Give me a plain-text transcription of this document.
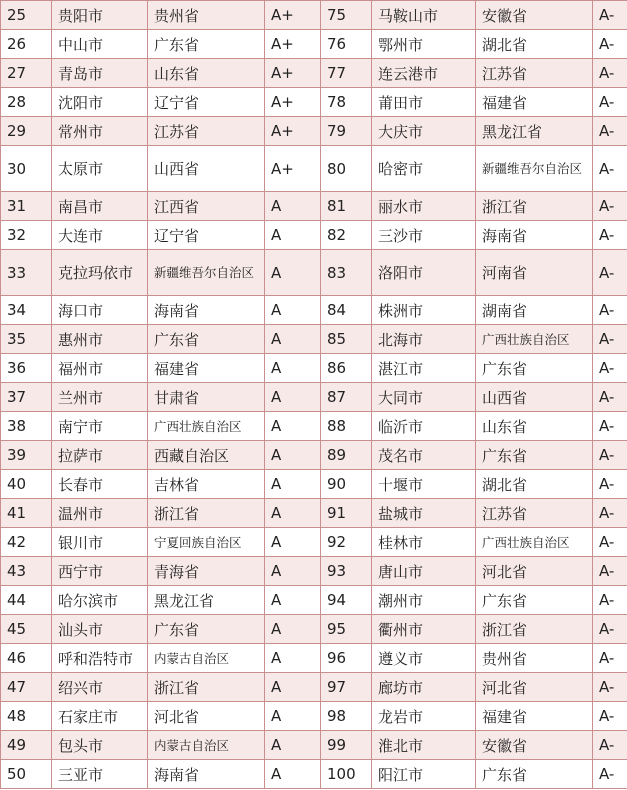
25	贵阳市	贵州省	A+	75	马鞍山市	安徽省	A-
26	中山市	广东省	A+	76	鄂州市	湖北省	A-
27	青岛市	山东省	A+	77	连云港市	江苏省	A-
28	沈阳市	辽宁省	A+	78	莆田市	福建省	A-
29	常州市	江苏省	A+	79	大庆市	黑龙江省	A-
30	太原市	山西省	A+	80	哈密市	新疆维吾尔自治区	A-
31	南昌市	江西省	A	81	丽水市	浙江省	A-
32	大连市	辽宁省	A	82	三沙市	海南省	A-
33	克拉玛依市	新疆维吾尔自治区	A	83	洛阳市	河南省	A-
34	海口市	海南省	A	84	株洲市	湖南省	A-
35	惠州市	广东省	A	85	北海市	广西壮族自治区	A-
36	福州市	福建省	A	86	湛江市	广东省	A-
37	兰州市	甘肃省	A	87	大同市	山西省	A-
38	南宁市	广西壮族自治区	A	88	临沂市	山东省	A-
39	拉萨市	西藏自治区	A	89	茂名市	广东省	A-
40	长春市	吉林省	A	90	十堰市	湖北省	A-
41	温州市	浙江省	A	91	盐城市	江苏省	A-
42	银川市	宁夏回族自治区	A	92	桂林市	广西壮族自治区	A-
43	西宁市	青海省	A	93	唐山市	河北省	A-
44	哈尔滨市	黑龙江省	A	94	潮州市	广东省	A-
45	汕头市	广东省	A	95	衢州市	浙江省	A-
46	呼和浩特市	内蒙古自治区	A	96	遵义市	贵州省	A-
47	绍兴市	浙江省	A	97	廊坊市	河北省	A-
48	石家庄市	河北省	A	98	龙岩市	福建省	A-
49	包头市	内蒙古自治区	A	99	淮北市	安徽省	A-
50	三亚市	海南省	A	100	阳江市	广东省	A-
